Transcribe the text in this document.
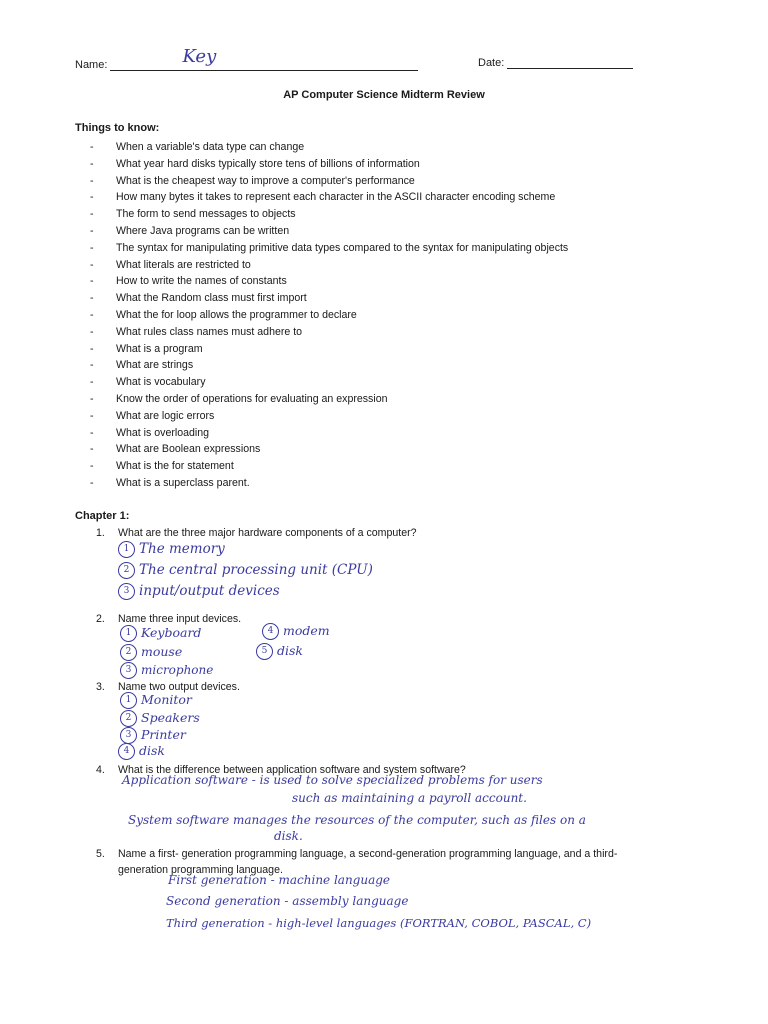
Name:	Key	Date:
AP Computer Science Midterm Review
Things to know:
- When a variable's data type can change
- What year hard disks typically store tens of billions of information
- What is the cheapest way to improve a computer's performance
- How many bytes it takes to represent each character in the ASCII character encoding scheme
- The form to send messages to objects
- Where Java programs can be written
- The syntax for manipulating primitive data types compared to the syntax for manipulating objects
- What literals are restricted to
- How to write the names of constants
- What the Random class must first import
- What the for loop allows the programmer to declare
- What rules class names must adhere to
- What is a program
- What are strings
- What is vocabulary
- Know the order of operations for evaluating an expression
- What are logic errors
- What is overloading
- What are Boolean expressions
- What is the for statement
- What is a superclass parent.
Chapter 1:
1. What are the three major hardware components of a computer?
1 The memory
2 The central processing unit (CPU)
3 input/output devices
2. Name three input devices.
1 Keyboard
2 mouse
3 microphone
4 modem
5 disk
3. Name two output devices.
1 Monitor
2 Speakers
3 Printer
4 disk
4. What is the difference between application software and system software?
Application software - is used to solve specialized problems for users
such as maintaining a payroll account.
System software manages the resources of the computer, such as files on a
disk.
5. Name a first- generation programming language, a second-generation programming language, and a third-
generation programming language.
First generation - machine language
Second generation - assembly language
Third generation - high-level languages (FORTRAN, COBOL, PASCAL, C)
